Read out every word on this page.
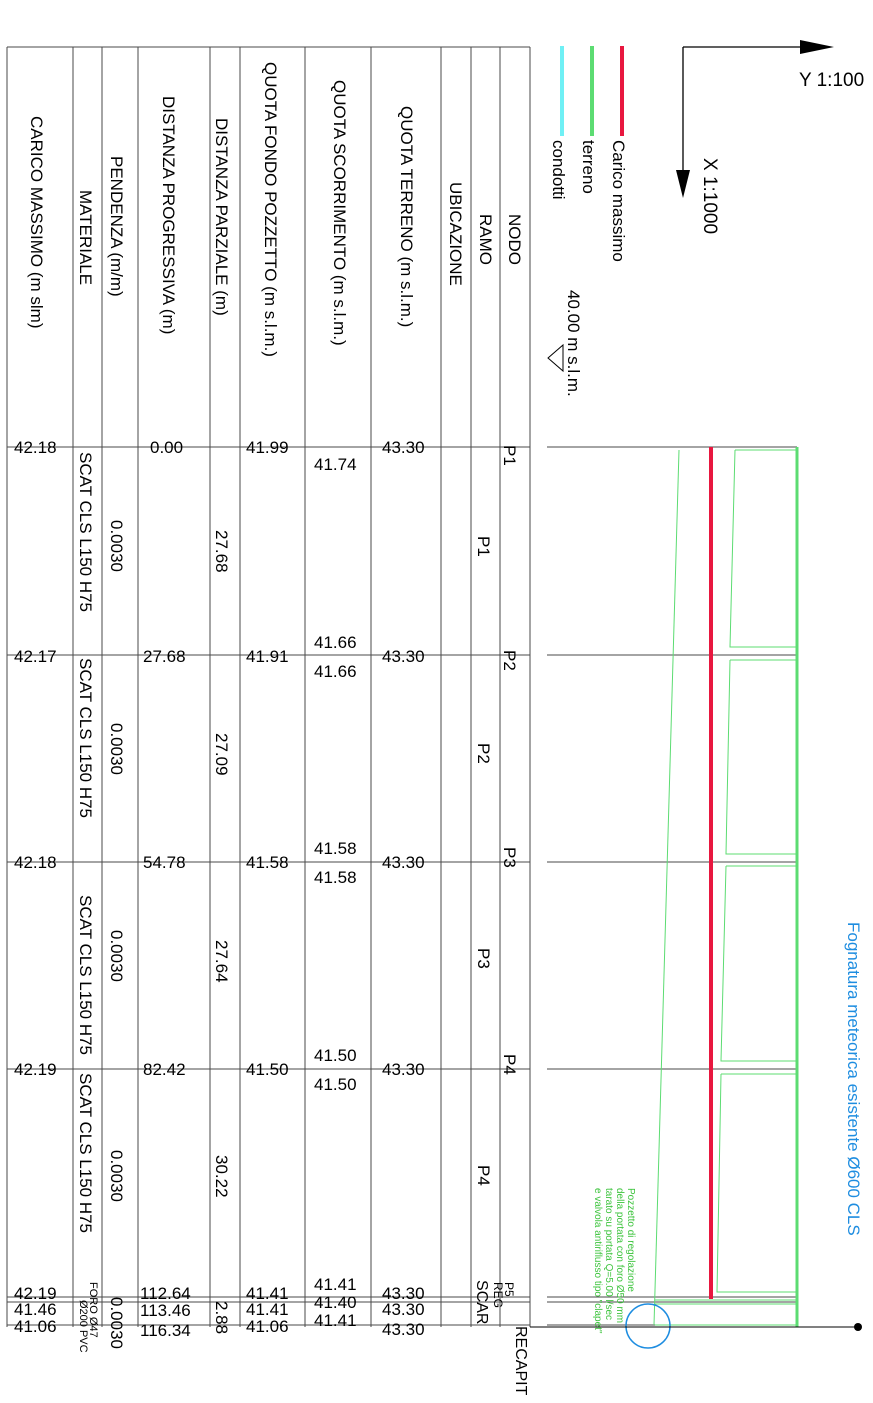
Y 1:100
X 1:1000
Carico massimo
terreno
condotti
40.00 m s.l.m.
NODO
RAMO
UBICAZIONE
QUOTA TERRENO (m s.l.m.)
QUOTA SCORRIMENTO (m s.l.m.)
QUOTA FONDO POZZETTO (m s.l.m.)
DISTANZA PARZIALE (m)
DISTANZA PROGRESSIVA (m)
PENDENZA (m/m)
MATERIALE
CARICO MASSIMO (m slm)
Fognatura meteorica esistente Ø600 CLS
Pozzetto di regolazione
della portata con foro Ø50 mm
tarato su portata Q=5.00 l/sec
e valvola antiriflusso tipo "clapet"
P1
43.30
41.74
41.99
0.00
42.18
P2
43.30
41.66
41.66
41.91
27.68
42.17
P3
43.30
41.58
41.58
41.58
54.78
42.18
P4
43.30
41.50
41.50
41.50
82.42
42.19
P5
REG
43.30
41.41
41.41
112.64
42.19	SCAR
43.30
41.40
41.41
113.46
41.46
RECAPIT
43.30
41.41
41.06
116.34
41.06
P1
27.68
0.0030
SCAT CLS L150 H75
P2
27.09
0.0030
SCAT CLS L150 H75
P3
27.64
0.0030
SCAT CLS L150 H75
P4
30.22
0.0030
SCAT CLS L150 H75
2.88
0.0030
FORO Ø47
Ø200 PVC
